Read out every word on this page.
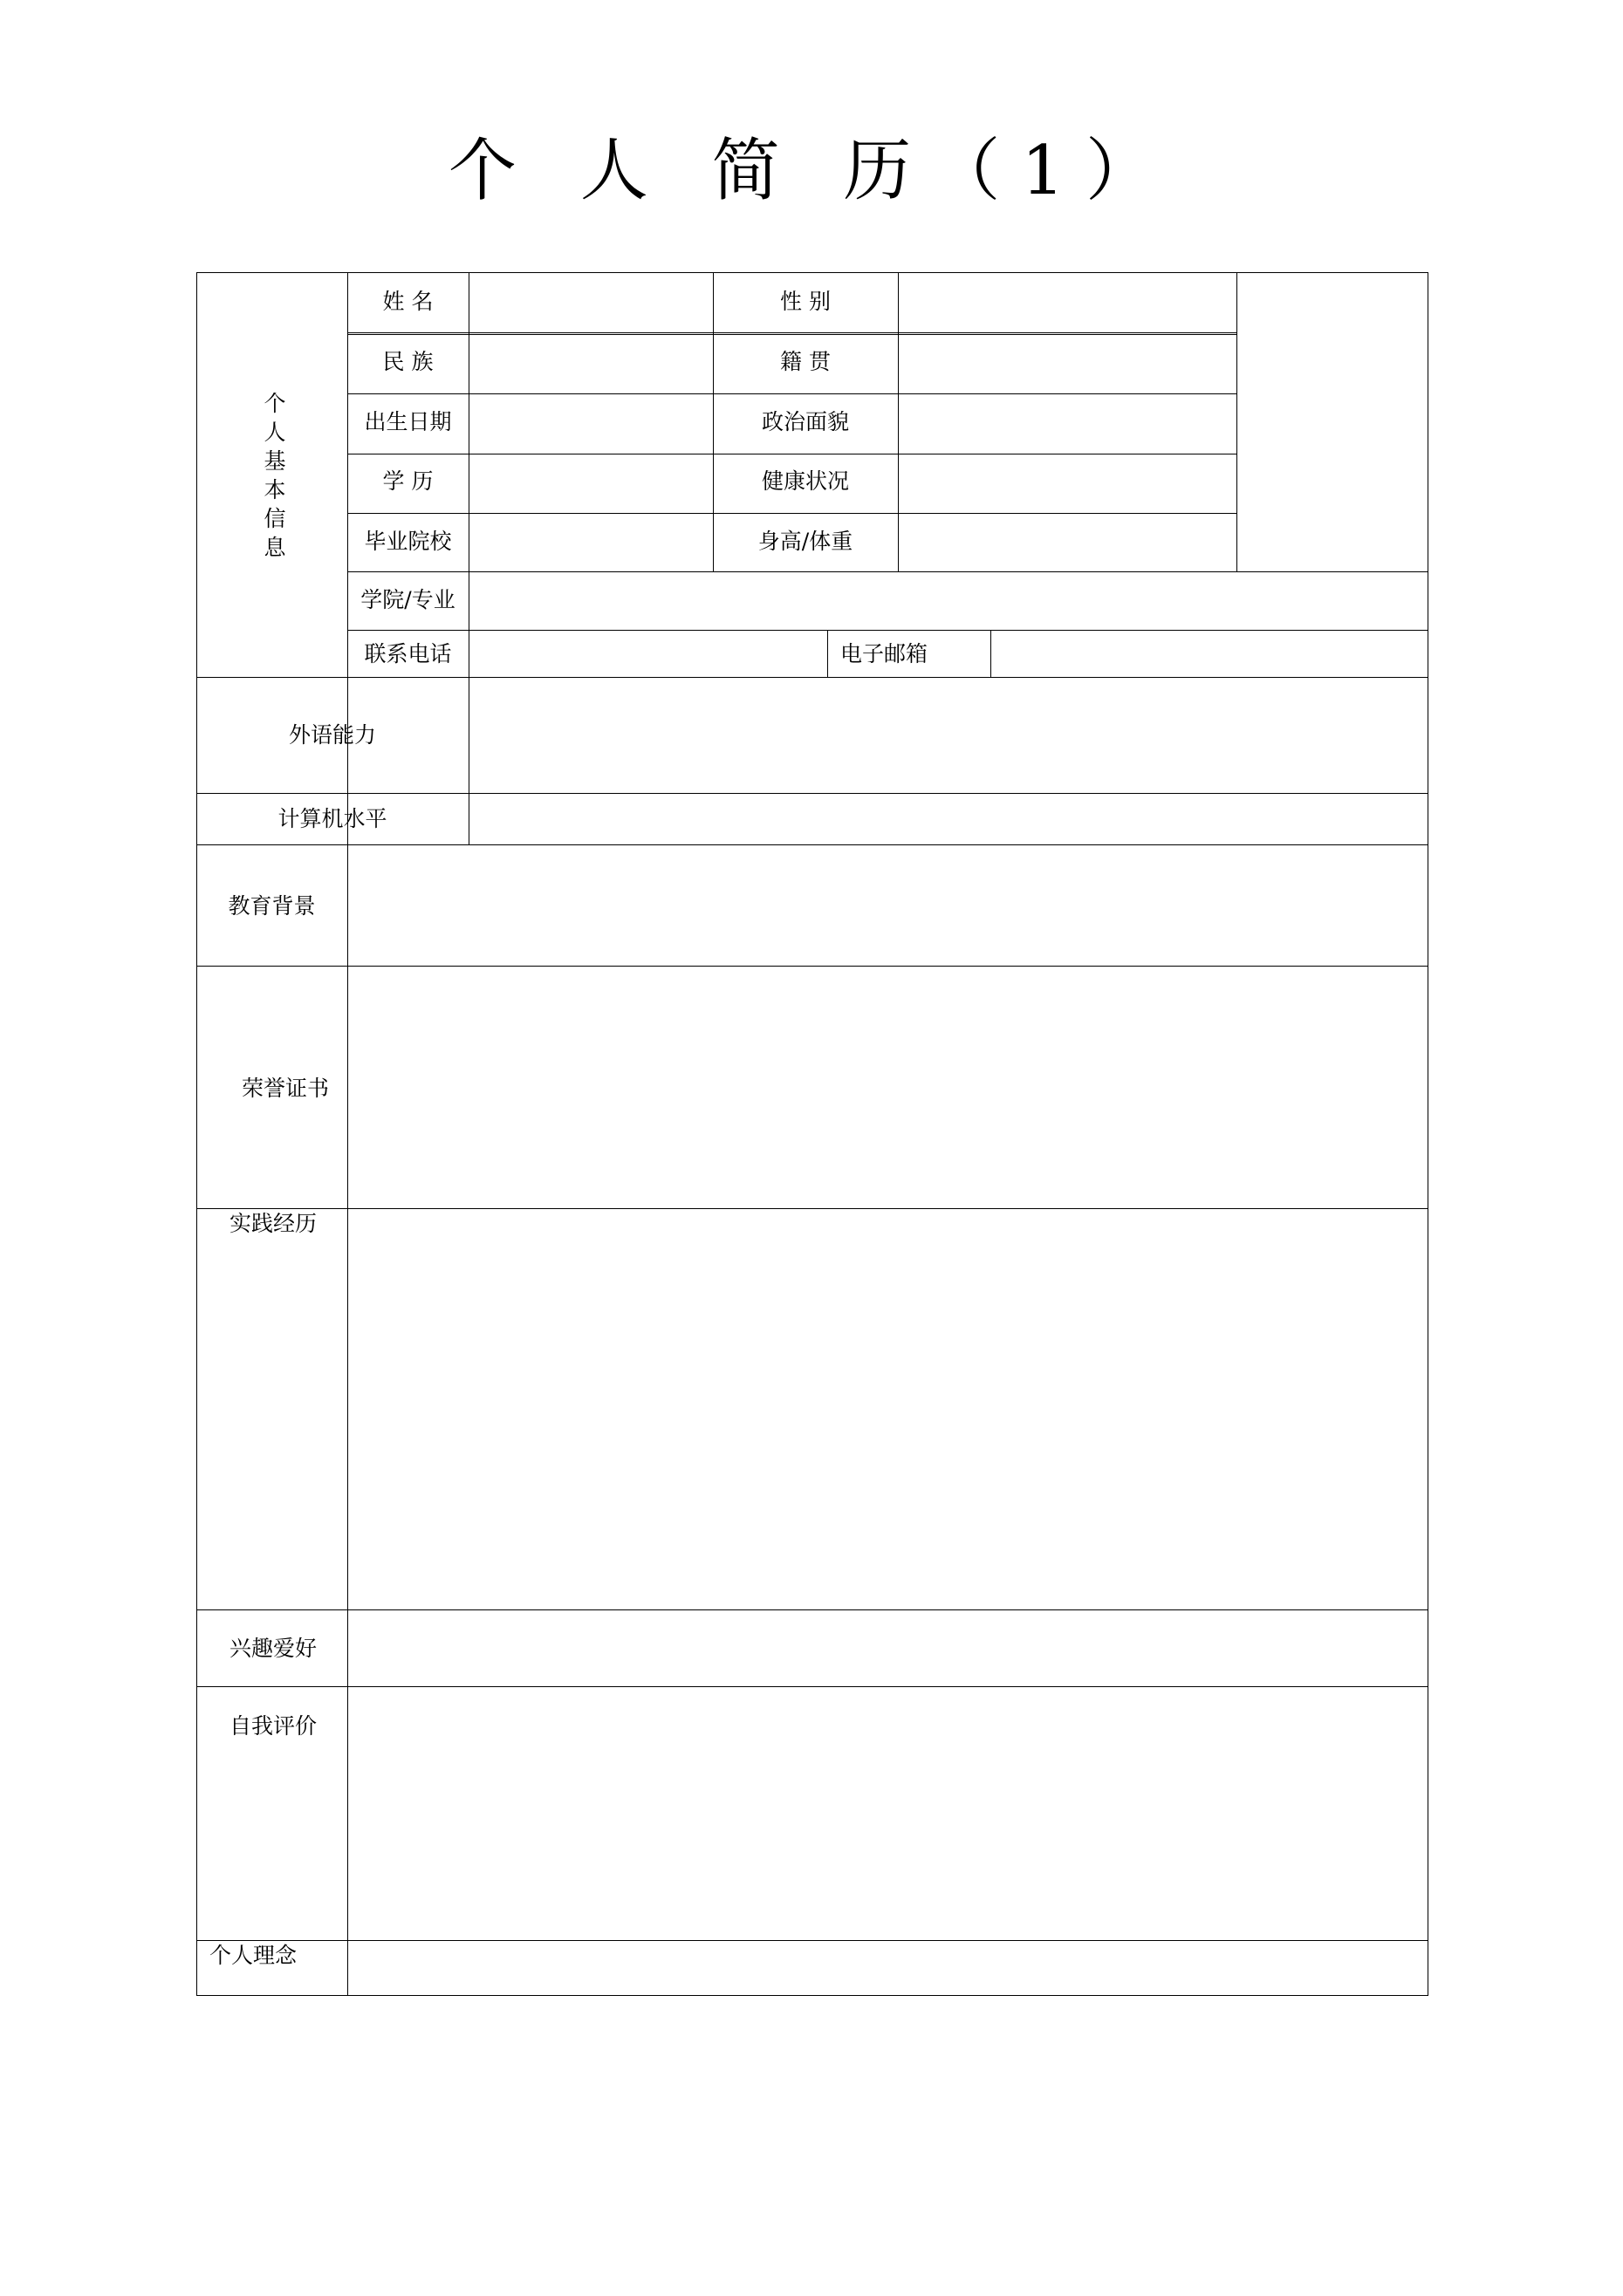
个 人 简 历（1）
个人基本信息
姓 名	性 别
民 族	籍 贯
出生日期	政治面貌
学 历	健康状况
毕业院校	身高/体重
学院/专业
联系电话	电子邮箱
外语能力
计算机水平
教育背景
荣誉证书
实践经历
兴趣爱好
自我评价
个人理念
